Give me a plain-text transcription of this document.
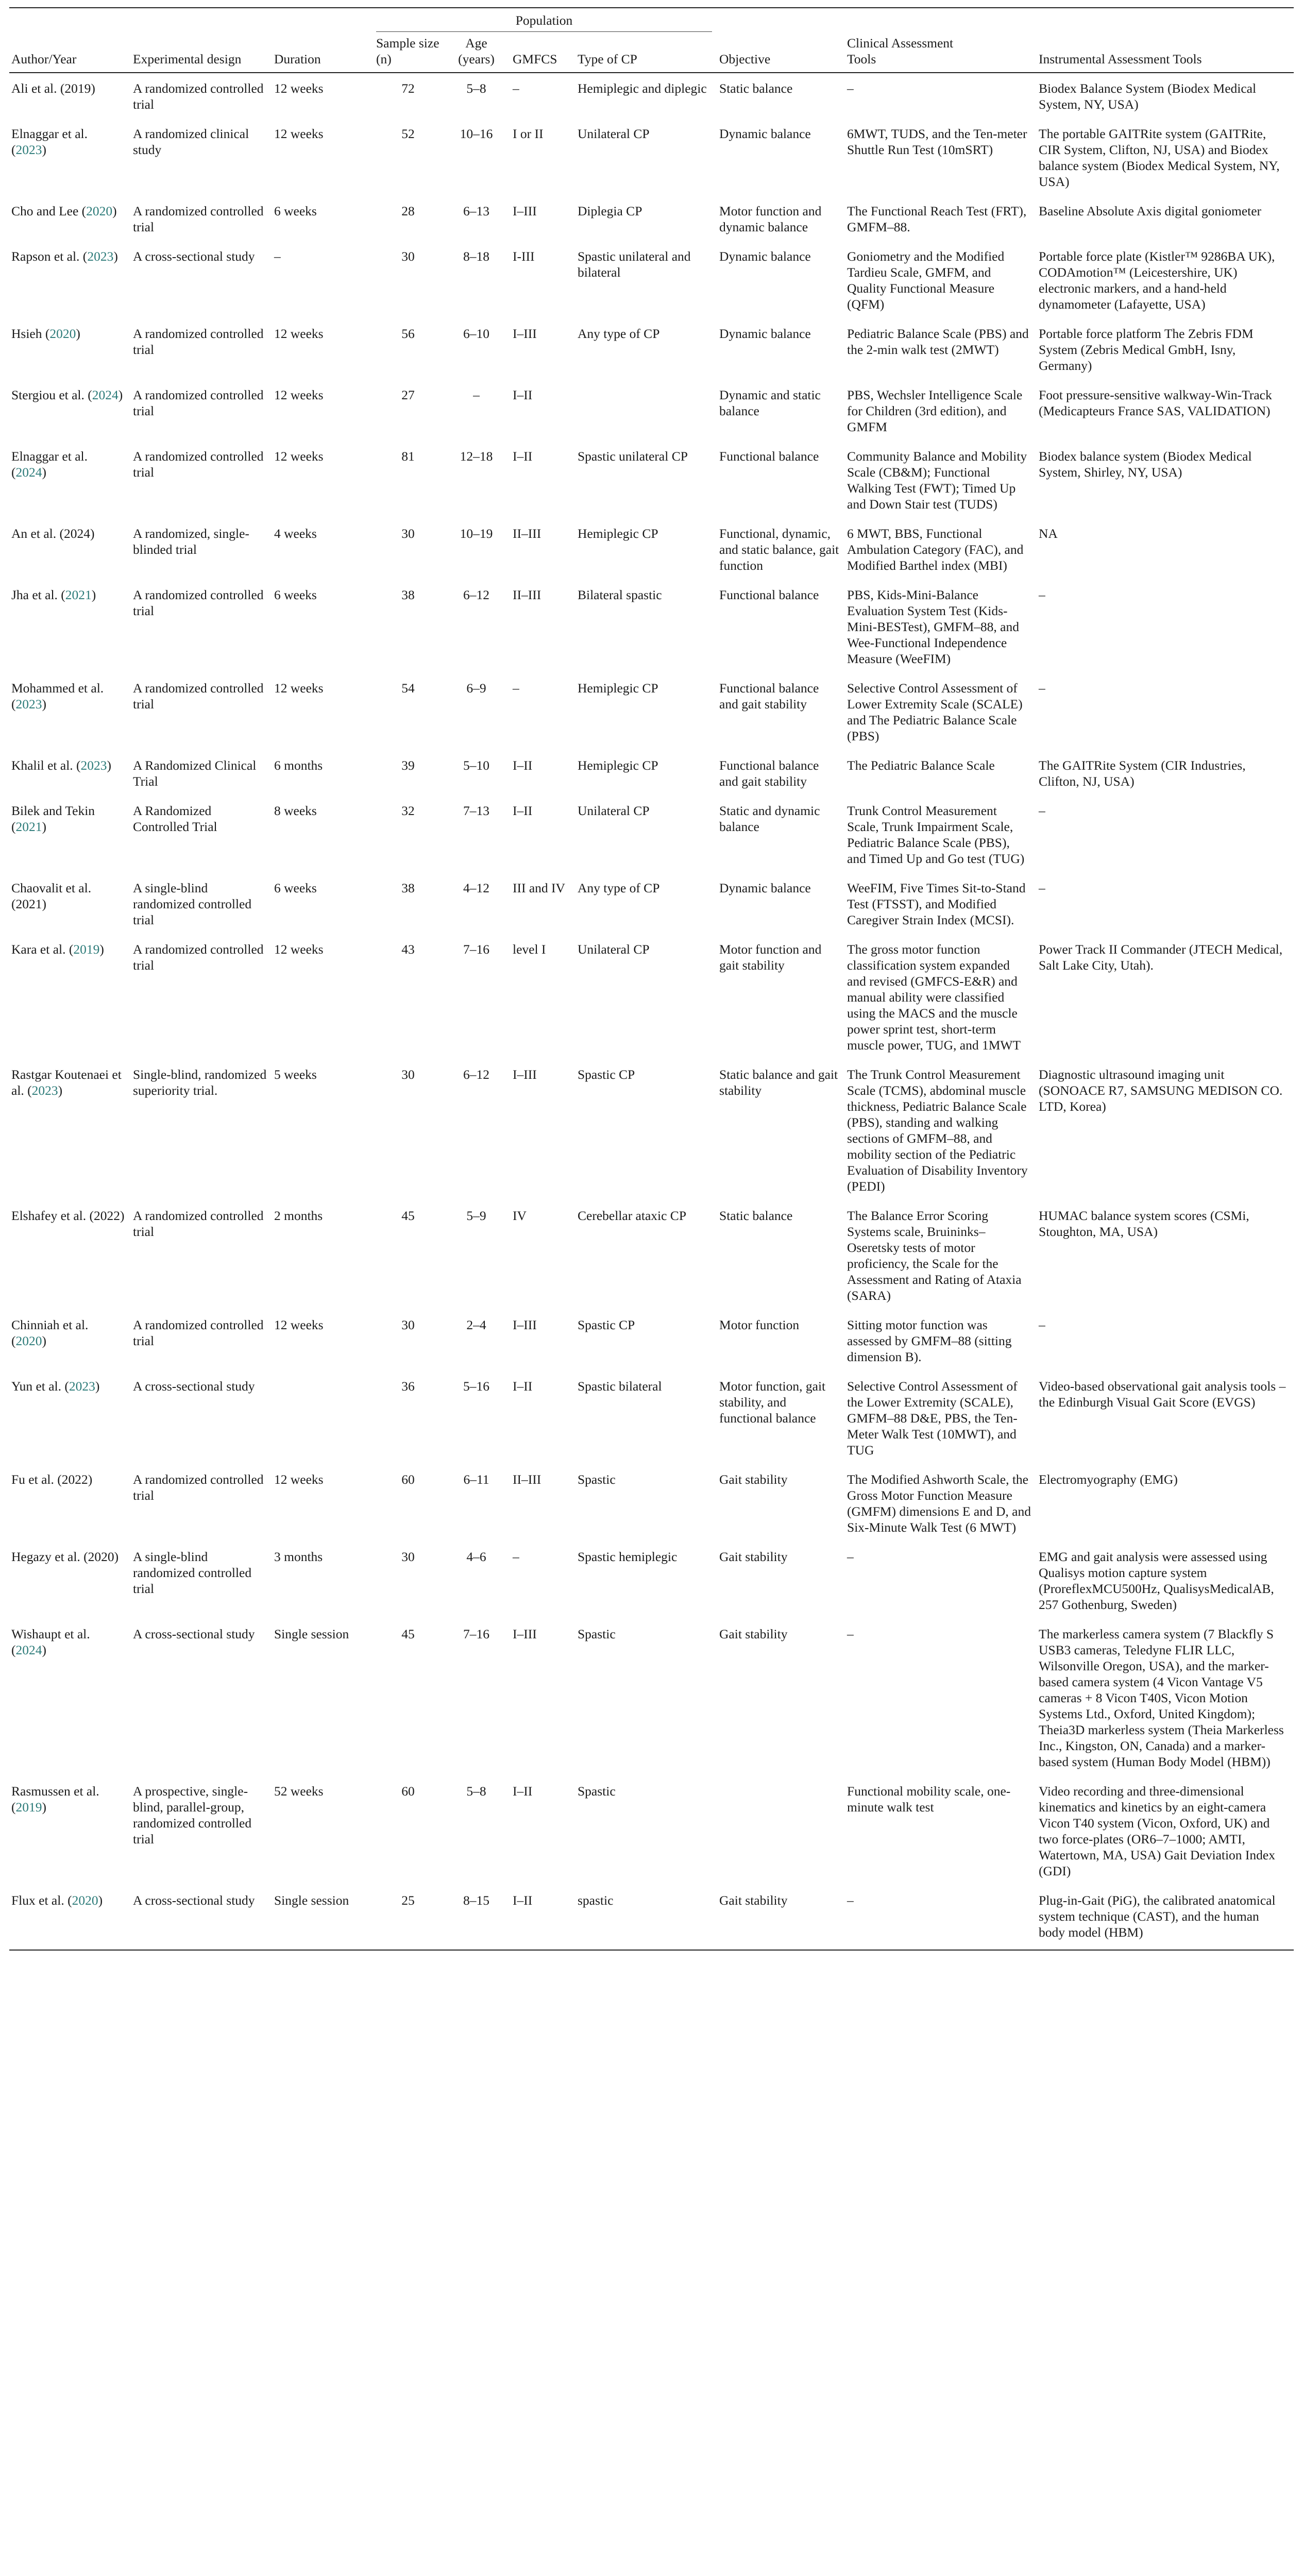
Author/Year	Experimental design	Duration	Population				Objective	Clinical Assessment Tools	Instrumental Assessment Tools
			Sample size (n)	Age (years)	GMFCS	Type of CP			
Ali et al. (2019)	A randomized controlled trial	12 weeks	72	5–8	–	Hemiplegic and diplegic	Static balance	–	Biodex Balance System (Biodex Medical System, NY, USA)
Elnaggar et al. (2023)	A randomized clinical study	12 weeks	52	10–16	I or II	Unilateral CP	Dynamic balance	6MWT, TUDS, and the Ten-meter Shuttle Run Test (10mSRT)	The portable GAITRite system (GAITRite, CIR System, Clifton, NJ, USA) and Biodex balance system (Biodex Medical System, NY, USA)
Cho and Lee (2020)	A randomized controlled trial	6 weeks	28	6–13	I–III	Diplegia CP	Motor function and dynamic balance	The Functional Reach Test (FRT), GMFM–88.	Baseline Absolute Axis digital goniometer
Rapson et al. (2023)	A cross-sectional study	–	30	8–18	I-III	Spastic unilateral and bilateral	Dynamic balance	Goniometry and the Modified Tardieu Scale, GMFM, and Quality Functional Measure (QFM)	Portable force plate (Kistler™ 9286BA UK), CODAmotion™ (Leicestershire, UK) electronic markers, and a hand-held dynamometer (Lafayette, USA)
Hsieh (2020)	A randomized controlled trial	12 weeks	56	6–10	I–III	Any type of CP	Dynamic balance	Pediatric Balance Scale (PBS) and the 2-min walk test (2MWT)	Portable force platform The Zebris FDM System (Zebris Medical GmbH, Isny, Germany)
Stergiou et al. (2024)	A randomized controlled trial	12 weeks	27	–	I–II		Dynamic and static balance	PBS, Wechsler Intelligence Scale for Children (3rd edition), and GMFM	Foot pressure-sensitive walkway-Win-Track (Medicapteurs France SAS, VALIDATION)
Elnaggar et al. (2024)	A randomized controlled trial	12 weeks	81	12–18	I–II	Spastic unilateral CP	Functional balance	Community Balance and Mobility Scale (CB&M); Functional Walking Test (FWT); Timed Up and Down Stair test (TUDS)	Biodex balance system (Biodex Medical System, Shirley, NY, USA)
An et al. (2024)	A randomized, single-blinded trial	4 weeks	30	10–19	II–III	Hemiplegic CP	Functional, dynamic, and static balance, gait function	6 MWT, BBS, Functional Ambulation Category (FAC), and Modified Barthel index (MBI)	NA
Jha et al. (2021)	A randomized controlled trial	6 weeks	38	6–12	II–III	Bilateral spastic	Functional balance	PBS, Kids-Mini-Balance Evaluation System Test (Kids-Mini-BESTest), GMFM–88, and Wee-Functional Independence Measure (WeeFIM)	–
Mohammed et al. (2023)	A randomized controlled trial	12 weeks	54	6–9	–	Hemiplegic CP	Functional balance and gait stability	Selective Control Assessment of Lower Extremity Scale (SCALE) and The Pediatric Balance Scale (PBS)	–
Khalil et al. (2023)	A Randomized Clinical Trial	6 months	39	5–10	I–II	Hemiplegic CP	Functional balance and gait stability	The Pediatric Balance Scale	The GAITRite System (CIR Industries, Clifton, NJ, USA)
Bilek and Tekin (2021)	A Randomized Controlled Trial	8 weeks	32	7–13	I–II	Unilateral CP	Static and dynamic balance	Trunk Control Measurement Scale, Trunk Impairment Scale, Pediatric Balance Scale (PBS), and Timed Up and Go test (TUG)	–
Chaovalit et al. (2021)	A single-blind randomized controlled trial	6 weeks	38	4–12	III and IV	Any type of CP	Dynamic balance	WeeFIM, Five Times Sit-to-Stand Test (FTSST), and Modified Caregiver Strain Index (MCSI).	–
Kara et al. (2019)	A randomized controlled trial	12 weeks	43	7–16	level I	Unilateral CP	Motor function and gait stability	The gross motor function classification system expanded and revised (GMFCS-E&R) and manual ability were classified using the MACS and the muscle power sprint test, short-term muscle power, TUG, and 1MWT	Power Track II Commander (JTECH Medical, Salt Lake City, Utah).
Rastgar Koutenaei et al. (2023)	Single-blind, randomized superiority trial.	5 weeks	30	6–12	I–III	Spastic CP	Static balance and gait stability	The Trunk Control Measurement Scale (TCMS), abdominal muscle thickness, Pediatric Balance Scale (PBS), standing and walking sections of GMFM–88, and mobility section of the Pediatric Evaluation of Disability Inventory (PEDI)	Diagnostic ultrasound imaging unit (SONOACE R7, SAMSUNG MEDISON CO. LTD, Korea)
Elshafey et al. (2022)	A randomized controlled trial	2 months	45	5–9	IV	Cerebellar ataxic CP	Static balance	The Balance Error Scoring Systems scale, Bruininks–Oseretsky tests of motor proficiency, the Scale for the Assessment and Rating of Ataxia (SARA)	HUMAC balance system scores (CSMi, Stoughton, MA, USA)
Chinniah et al. (2020)	A randomized controlled trial	12 weeks	30	2–4	I–III	Spastic CP	Motor function	Sitting motor function was assessed by GMFM–88 (sitting dimension B).	–
Yun et al. (2023)	A cross-sectional study		36	5–16	I–II	Spastic bilateral	Motor function, gait stability, and functional balance	Selective Control Assessment of the Lower Extremity (SCALE), GMFM–88 D&E, PBS, the Ten-Meter Walk Test (10MWT), and TUG	Video-based observational gait analysis tools – the Edinburgh Visual Gait Score (EVGS)
Fu et al. (2022)	A randomized controlled trial	12 weeks	60	6–11	II–III	Spastic	Gait stability	The Modified Ashworth Scale, the Gross Motor Function Measure (GMFM) dimensions E and D, and Six-Minute Walk Test (6 MWT)	Electromyography (EMG)
Hegazy et al. (2020)	A single-blind randomized controlled trial	3 months	30	4–6	–	Spastic hemiplegic	Gait stability	–	EMG and gait analysis were assessed using Qualisys motion capture system (ProreflexMCU500Hz, QualisysMedicalAB, 257 Gothenburg, Sweden)
Wishaupt et al. (2024)	A cross-sectional study	Single session	45	7–16	I–III	Spastic	Gait stability	–	The markerless camera system (7 Blackfly S USB3 cameras, Teledyne FLIR LLC, Wilsonville Oregon, USA), and the marker-based camera system (4 Vicon Vantage V5 cameras + 8 Vicon T40S, Vicon Motion Systems Ltd., Oxford, United Kingdom); Theia3D markerless system (Theia Markerless Inc., Kingston, ON, Canada) and a marker-based system (Human Body Model (HBM))
Rasmussen et al. (2019)	A prospective, single-blind, parallel-group, randomized controlled trial	52 weeks	60	5–8	I–II	Spastic		Functional mobility scale, one-minute walk test	Video recording and three-dimensional kinematics and kinetics by an eight-camera Vicon T40 system (Vicon, Oxford, UK) and two force-plates (OR6–7–1000; AMTI, Watertown, MA, USA) Gait Deviation Index (GDI)
Flux et al. (2020)	A cross-sectional study	Single session	25	8–15	I–II	spastic	Gait stability	–	Plug-in-Gait (PiG), the calibrated anatomical system technique (CAST), and the human body model (HBM)
